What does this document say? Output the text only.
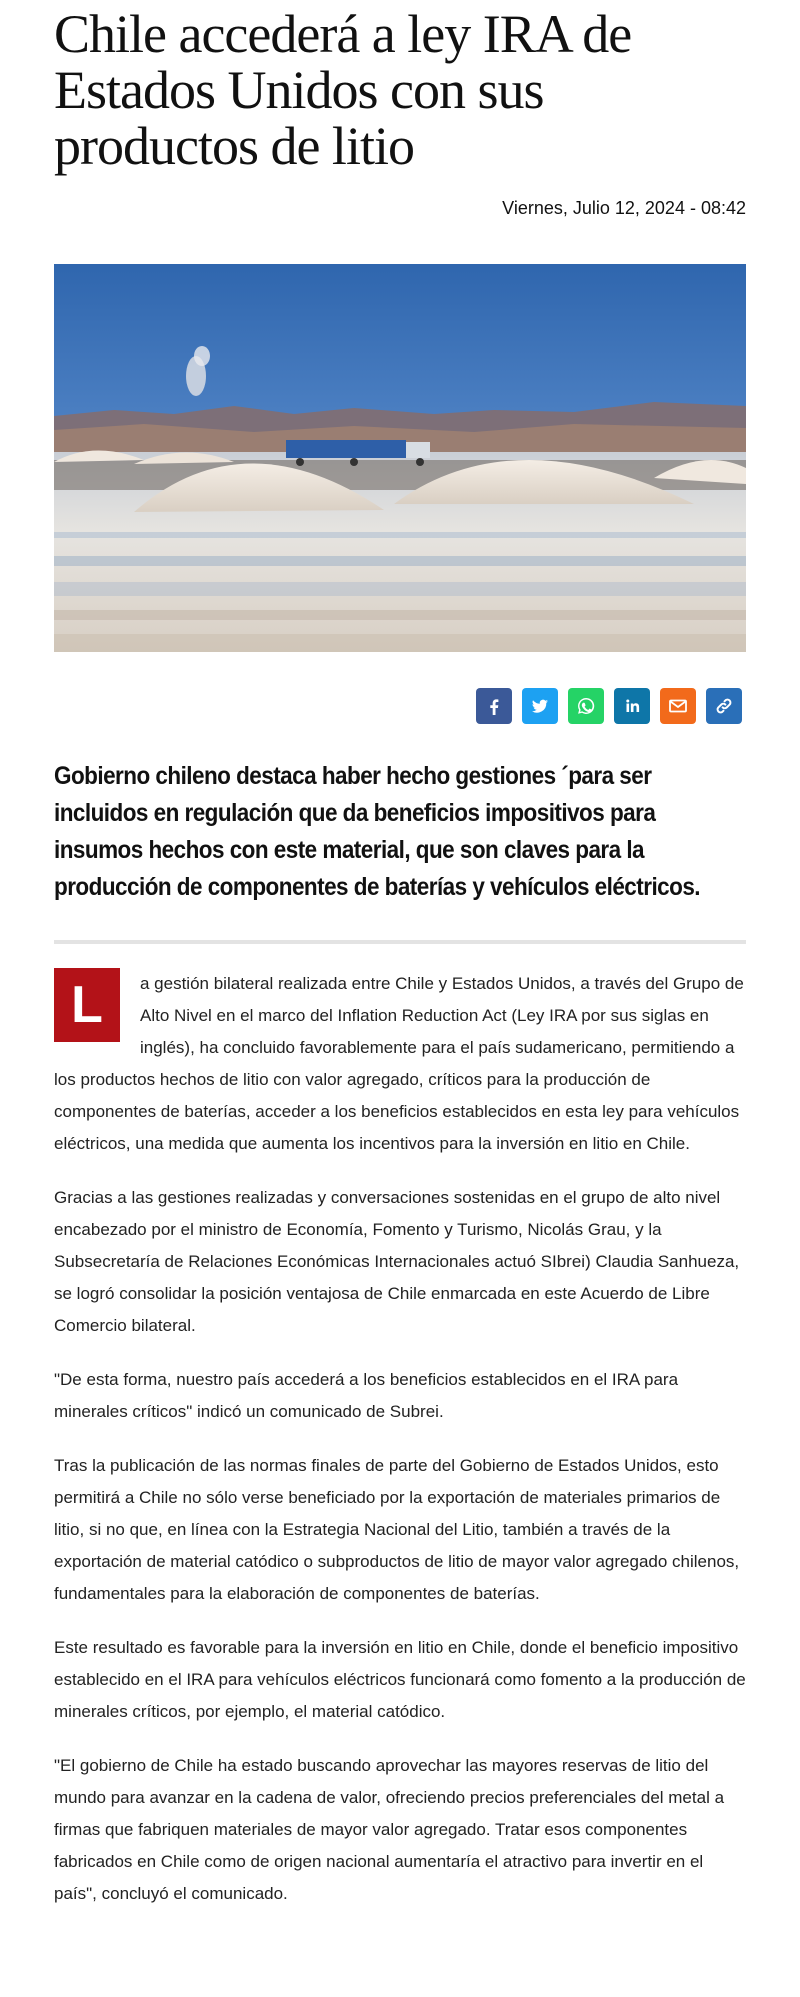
Chile accederá a ley IRA de Estados Unidos con sus productos de litio
Viernes, Julio 12, 2024 - 08:42
Gobierno chileno destaca haber hecho gestiones ´para ser incluidos en regulación que da beneficios impositivos para insumos hechos con este material, que son claves para la producción de componentes de baterías y vehículos eléctricos.

L	a gestión bilateral realizada entre Chile y Estados Unidos, a través del Grupo de Alto Nivel en el marco del Inflation Reduction Act (Ley IRA por sus siglas en inglés), ha concluido favorablemente para el país sudamericano, permitiendo a los productos hechos de litio con valor agregado, críticos para la producción de componentes de baterías, acceder a los beneficios establecidos en esta ley para vehículos eléctricos, una medida que aumenta los incentivos para la inversión en litio en Chile.

Gracias a las gestiones realizadas y conversaciones sostenidas en el grupo de alto nivel encabezado por el ministro de Economía, Fomento y Turismo, Nicolás Grau, y la Subsecretaría de Relaciones Económicas Internacionales actuó SIbrei) Claudia Sanhueza, se logró consolidar la posición ventajosa de Chile enmarcada en este Acuerdo de Libre Comercio bilateral.

"De esta forma, nuestro país accederá a los beneficios establecidos en el IRA para minerales críticos" indicó un comunicado de Subrei.

Tras la publicación de las normas finales de parte del Gobierno de Estados Unidos, esto permitirá a Chile no sólo verse beneficiado por la exportación de materiales primarios de litio, si no que, en línea con la Estrategia Nacional del Litio, también a través de la exportación de material catódico o subproductos de litio de mayor valor agregado chilenos, fundamentales para la elaboración de componentes de baterías.

Este resultado es favorable para la inversión en litio en Chile, donde el beneficio impositivo establecido en el IRA para vehículos eléctricos funcionará como fomento a la producción de minerales críticos, por ejemplo, el material catódico.

"El gobierno de Chile ha estado buscando aprovechar las mayores reservas de litio del mundo para avanzar en la cadena de valor, ofreciendo precios preferenciales del metal a firmas que fabriquen materiales de mayor valor agregado. Tratar esos componentes fabricados en Chile como de origen nacional aumentaría el atractivo para invertir en el país", concluyó el comunicado.
